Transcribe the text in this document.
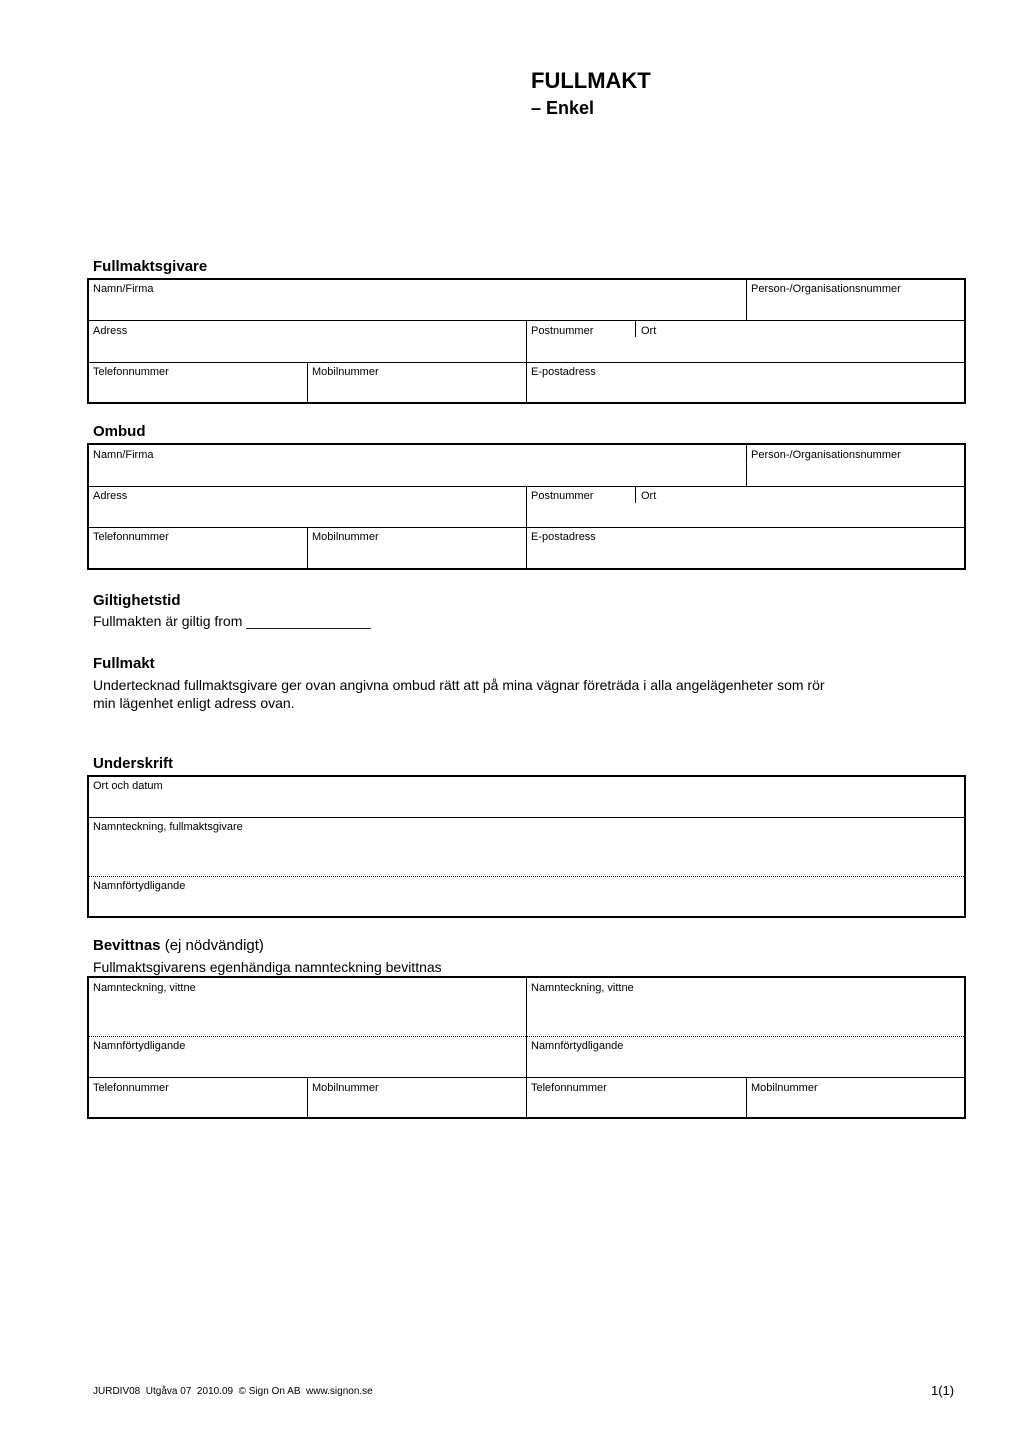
FULLMAKT
– Enkel
Fullmaktsgivare
Namn/Firma	Person-/Organisationsnummer
Adress	Postnummer	Ort
Telefonnummer	Mobilnummer	E-postadress
Ombud
Namn/Firma	Person-/Organisationsnummer
Adress	Postnummer	Ort
Telefonnummer	Mobilnummer	E-postadress
Giltighetstid
Fullmakten är giltig from ________________
Fullmakt
Undertecknad fullmaktsgivare ger ovan angivna ombud rätt att på mina vägnar företräda i alla angelägenheter som rör
min lägenhet enligt adress ovan.
Underskrift
Ort och datum
Namnteckning, fullmaktsgivare
Namnförtydligande
Bevittnas (ej nödvändigt)
Fullmaktsgivarens egenhändiga namnteckning bevittnas
Namnteckning, vittne	Namnteckning, vittne
Namnförtydligande	Namnförtydligande
Telefonnummer	Mobilnummer	Telefonnummer	Mobilnummer
JURDIV08  Utgåva 07  2010.09  © Sign On AB  www.signon.se	1(1)
